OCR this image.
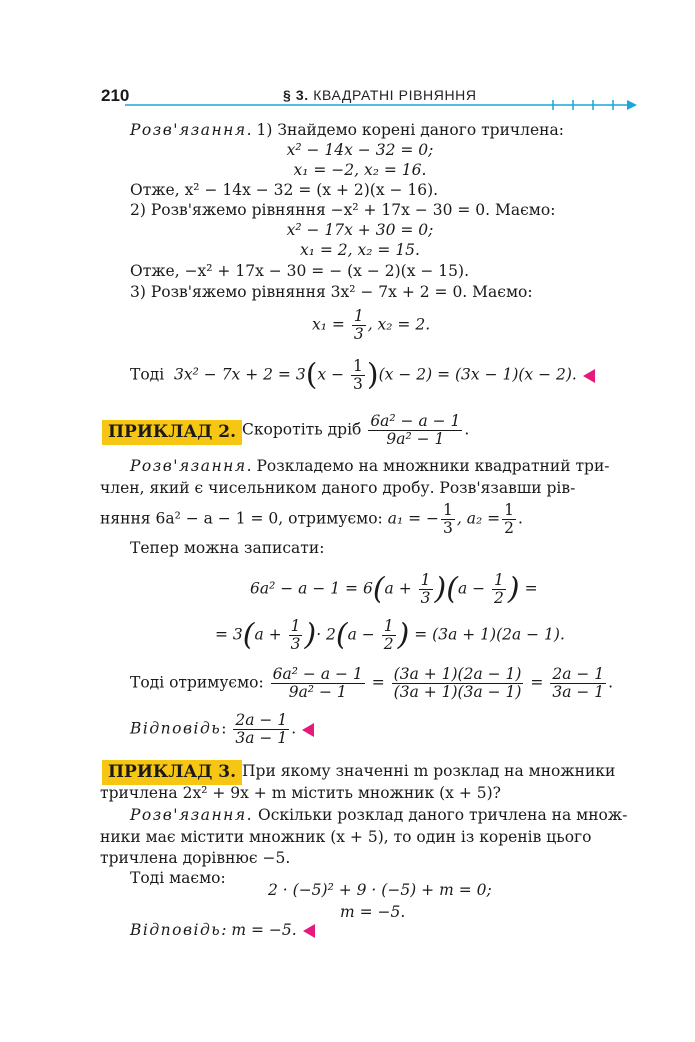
210	§ 3. КВАДРАТНІ РІВНЯННЯ
Розв'язання. 1) Знайдемо корені даного тричлена:
x² − 14x − 32 = 0;
x₁ = −2, x₂ = 16.
Отже, x² − 14x − 32 = (x + 2)(x − 16).
2) Розв'яжемо рівняння −x² + 17x − 30 = 0. Маємо:
x² − 17x + 30 = 0;
x₁ = 2, x₂ = 15.
Отже, −x² + 17x − 30 = − (x − 2)(x − 15).
3) Розв'яжемо рівняння 3x² − 7x + 2 = 0. Маємо:
$x_1 = \frac{1}{3}$ , x₂ = 2.
Тоді $3x^2 - 7x + 2 = 3(x - \frac{1}{3} )(x - 2) = (3x - 1)(x - 2)$.
ПРИКЛАД 2. Скоротіть дріб $\frac{\text{6a² − a − 1}}{\text{9a² − 1}}$ .
Розв'язання. Розкладемо на множники квадратний три-
член, який є чисельником даного дробу. Розв'язавши рів-
няння 6a² − a − 1 = 0, отримуємо: a₁ = − $\frac{1}{3}$ , $a_2 = \frac{1}{2}$ .
Тепер можна записати:
$6a^2 - a - 1 = 6(a + \frac{1}{3} )(a - \frac{1}{2}$ ) =
= $3(a + \frac{1}{3}$ )· $2(a - \frac{1}{2}$ ) = (3a + 1)(2a − 1).
Тоді отримуємо: $\frac{\text{6a² − a − 1}}{\text{9a² − 1}} = \frac{(3a + 1)(2a - 1)}{(3a + 1)(3a - 1)} = \frac{2a - 1}{3a - 1}$ .
Відповідь: $\frac{2a - 1}{3a - 1}$ .
ПРИКЛАД 3. При якому значенні m розклад на множники
тричлена 2x² + 9x + m містить множник (x + 5)?
Розв'язання. Оскільки розклад даного тричлена на множ-
ники має містити множник (x + 5), то один із коренів цього
тричлена дорівнює −5.
Тоді маємо:
2 · (−5)² + 9 · (−5) + m = 0;
m = −5.
Відповідь: m = −5.
